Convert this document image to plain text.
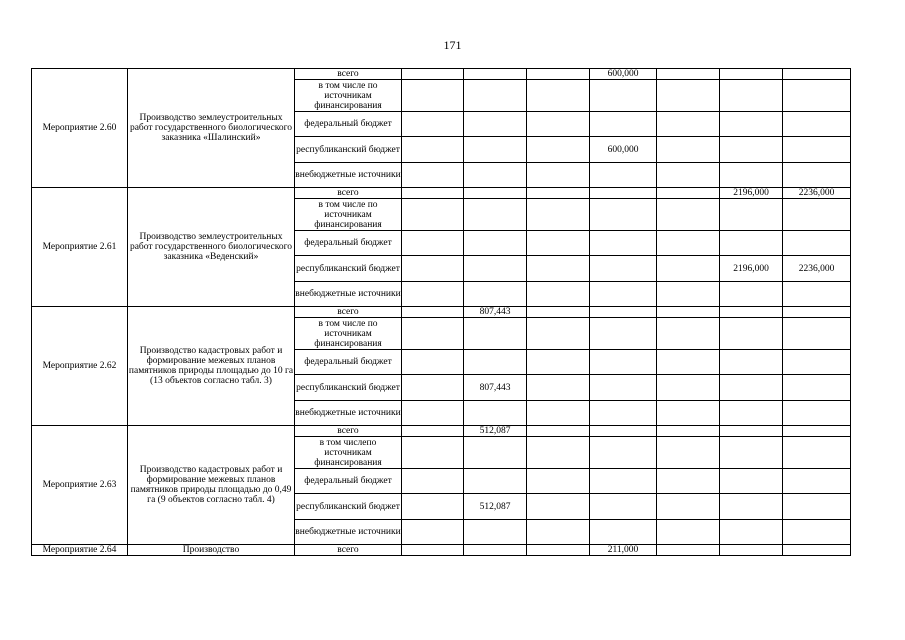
171
Мероприятие 2.60	Производство землеустроительных работ государственного биологического заказника «Шалинский»	всего				600,000			
		в том числе по источникам финансирования							
		федеральный бюджет							
		республиканский бюджет				600,000			
		внебюджетные источники							
Мероприятие 2.61	Производство землеустроительных работ государственного биологического заказника «Веденский»	всего						2196,000	2236,000
		в том числе по источникам финансирования							
		федеральный бюджет							
		республиканский бюджет						2196,000	2236,000
		внебюджетные источники							
Мероприятие 2.62	Производство кадастровых работ и формирование межевых планов памятников природы площадью до 10 га (13 объектов согласно табл. 3)	всего		807,443					
		в том числе по источникам финансирования							
		федеральный бюджет							
		республиканский бюджет		807,443					
		внебюджетные источники							
Мероприятие 2.63	Производство кадастровых работ и формирование межевых планов памятников природы площадью до 0,49 га (9 объектов согласно табл. 4)	всего		512,087					
		в том числепо источникам финансирования							
		федеральный бюджет							
		республиканский бюджет		512,087					
		внебюджетные источники							
Мероприятие 2.64	Производство	всего				211,000			
